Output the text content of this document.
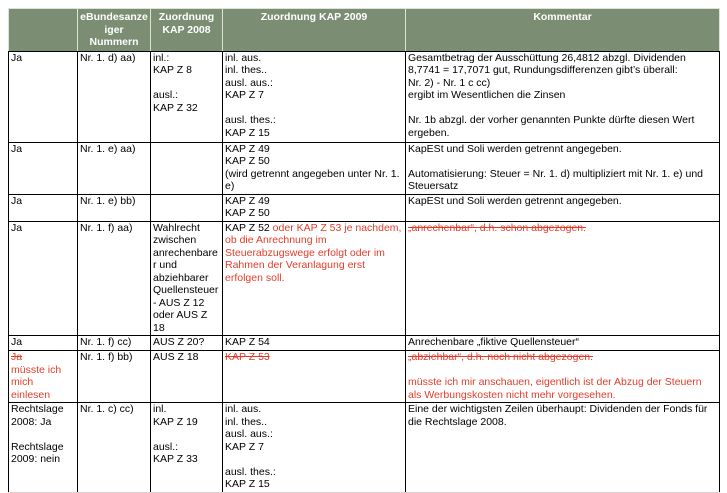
	eBundesanzeiger Nummern	Zuordnung KAP 2008	Zuordnung KAP 2009	Kommentar
Ja	Nr. 1. d) aa)	inl.:
KAP Z 8

ausl.:
KAP Z 32	inl. aus.
inl. thes..
ausl. aus.:
KAP Z 7

ausl. thes.:
KAP Z 15	Gesamtbetrag der Ausschüttung 26,4812 abzgl. Dividenden 8,7741 = 17,7071 gut, Rundungsdifferenzen gibt’s überall:
Nr. 2) - Nr. 1 c cc)
ergibt im Wesentlichen die Zinsen

Nr. 1b abzgl. der vorher genannten Punkte dürfte diesen Wert ergeben.
Ja	Nr. 1. e) aa)		KAP Z 49
KAP Z 50
(wird getrennt angegeben unter Nr. 1. e)	KapESt und Soli werden getrennt angegeben.

Automatisierung: Steuer = Nr. 1. d) multipliziert mit Nr. 1. e) und Steuersatz
Ja	Nr. 1. e) bb)		KAP Z 49
KAP Z 50	KapESt und Soli werden getrennt angegeben.
Ja	Nr. 1. f) aa)	Wahlrecht zwischen anrechenbarer und abziehbarer Quellensteuer - AUS Z 12 oder AUS Z 18	KAP Z 52 oder KAP Z 53 je nachdem, ob die Anrechnung im Steuerabzugswege erfolgt oder im Rahmen der Veranlagung erst erfolgen soll.	„anrechenbar“, d.h. schon abgezogen.
Ja	Nr. 1. f) cc)	AUS Z 20?	KAP Z 54	Anrechenbare „fiktive Quellensteuer“
Ja
müsste ich mich einlesen	Nr. 1. f) bb)	AUS Z 18	KAP Z 53	„abziehbar“, d.h. noch nicht abgezogen.

müsste ich mir anschauen, eigentlich ist der Abzug der Steuern als Werbungskosten nicht mehr vorgesehen.
Rechtslage 2008: Ja

Rechtslage 2009: nein	Nr. 1. c) cc)	inl.
KAP Z 19

ausl.:
KAP Z 33	inl. aus.
inl. thes..
ausl. aus.:
KAP Z 7

ausl. thes.:
KAP Z 15	Eine der wichtigsten Zeilen überhaupt: Dividenden der Fonds für die Rechtslage 2008.
